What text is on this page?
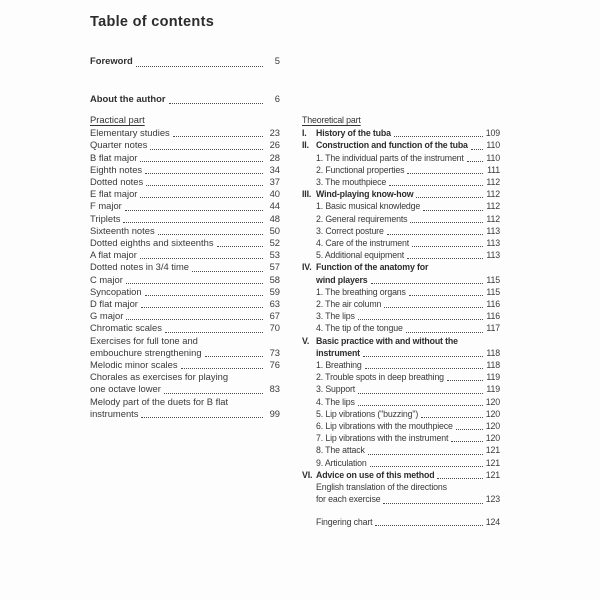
Table of contents
Foreword	5
About the author	6
Practical part
Elementary studies	23
Quarter notes	26
B flat major	28
Eighth notes	34
Dotted notes	37
E flat major	40
F major	44
Triplets	48
Sixteenth notes	50
Dotted eighths and sixteenths	52
A flat major	53
Dotted notes in 3/4 time	57
C major	58
Syncopation	59
D flat major	63
G major	67
Chromatic scales	70
Exercises for full tone and
embouchure strengthening	73
Melodic minor scales	76
Chorales as exercises for playing
one octave lower	83
Melody part of the duets for B flat
instruments	99
Theoretical part
I.	History of the tuba	109
II. Construction and function of the tuba 110
1. The individual parts of the instrument	110
2. Functional properties	111
3. The mouthpiece	112
III. Wind-playing know-how	112
1. Basic musical knowledge	112
2. General requirements	112
3. Correct posture	113
4. Care of the instrument	113
5. Additional equipment	113
IV. Function of the anatomy for
wind players	115
1. The breathing organs	115
2. The air column	116
3. The lips	116
4. The tip of the tongue	117
V. Basic practice with and without the
instrument	118
1. Breathing	118
2. Trouble spots in deep breathing	119
3. Support	119
4. The lips	120
5. Lip vibrations ("buzzing")	120
6. Lip vibrations with the mouthpiece	120
7. Lip vibrations with the instrument	120
8. The attack	121
9. Articulation	121
VI. Advice on use of this method	121
English translation of the directions
for each exercise	123
Fingering chart	124
